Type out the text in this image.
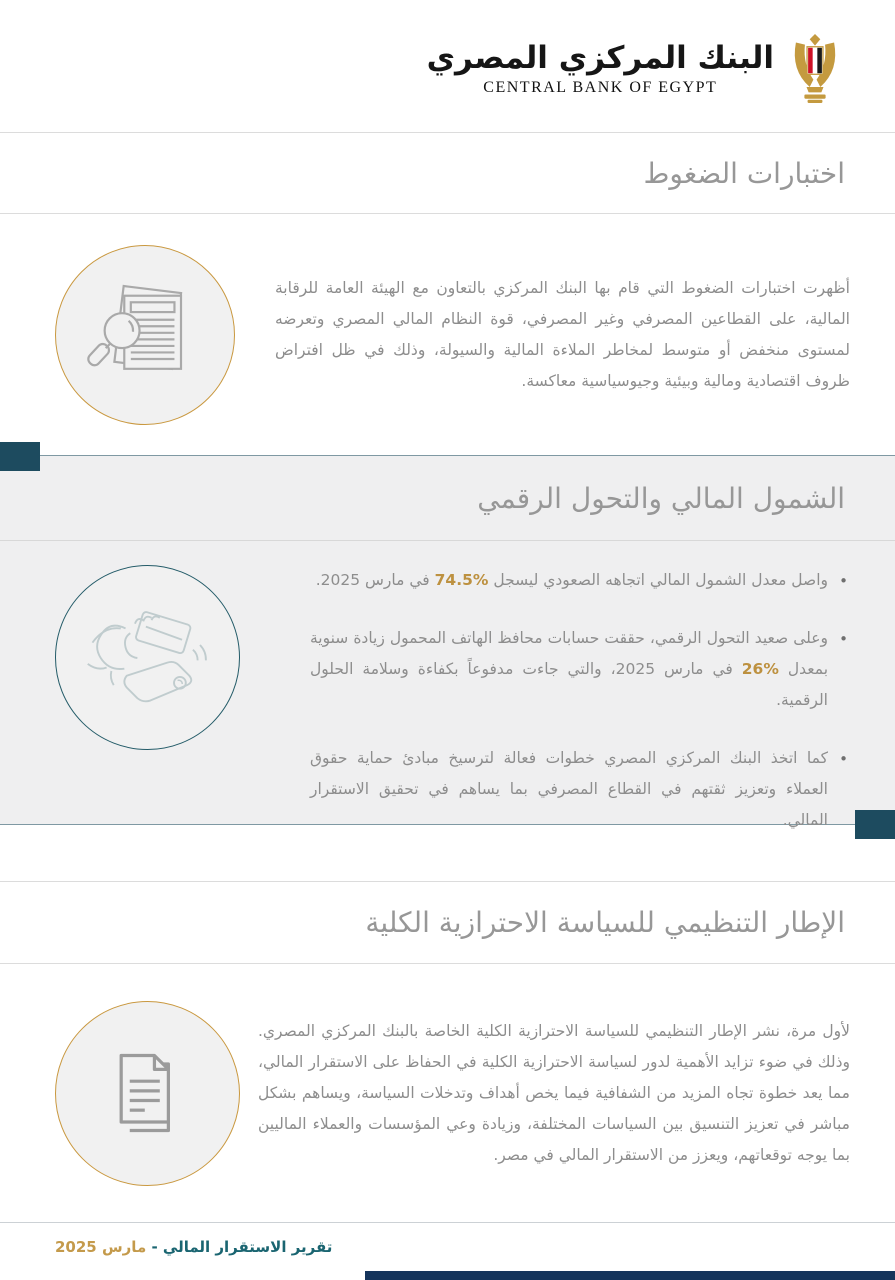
البنك المركزي المصري
CENTRAL BANK OF EGYPT
اختبارات الضغوط

أظهرت اختبارات الضغوط التي قام بها البنك المركزي بالتعاون مع الهيئة العامة للرقابة المالية، على القطاعين المصرفي وغير المصرفي، قوة النظام المالي المصري وتعرضه لمستوى منخفض أو متوسط لمخاطر الملاءة المالية والسيولة، وذلك في ظل افتراض ظروف اقتصادية ومالية وبيئية وجيوسياسية معاكسة.

الشمول المالي والتحول الرقمي
• واصل معدل الشمول المالي اتجاهه الصعودي ليسجل %74.5 في مارس 2025.
• وعلى صعيد التحول الرقمي، حققت حسابات محافظ الهاتف المحمول زيادة سنوية بمعدل %26 في مارس 2025، والتي جاءت مدفوعاً بكفاءة وسلامة الحلول الرقمية.
• كما اتخذ البنك المركزي المصري خطوات فعالة لترسيخ مبادئ حماية حقوق العملاء وتعزيز ثقتهم في القطاع المصرفي بما يساهم في تحقيق الاستقرار المالي.
الإطار التنظيمي للسياسة الاحترازية الكلية

لأول مرة، نشر الإطار التنظيمي للسياسة الاحترازية الكلية الخاصة بالبنك المركزي المصري. وذلك في ضوء تزايد الأهمية لدور لسياسة الاحترازية الكلية في الحفاظ على الاستقرار المالي، مما يعد خطوة تجاه المزيد من الشفافية فيما يخص أهداف وتدخلات السياسة، ويساهم بشكل مباشر في تعزيز التنسيق بين السياسات المختلفة، وزيادة وعي المؤسسات والعملاء الماليين بما يوجه توقعاتهم، ويعزز من الاستقرار المالي في مصر.

تقرير الاستقرار المالي - مارس 2025
